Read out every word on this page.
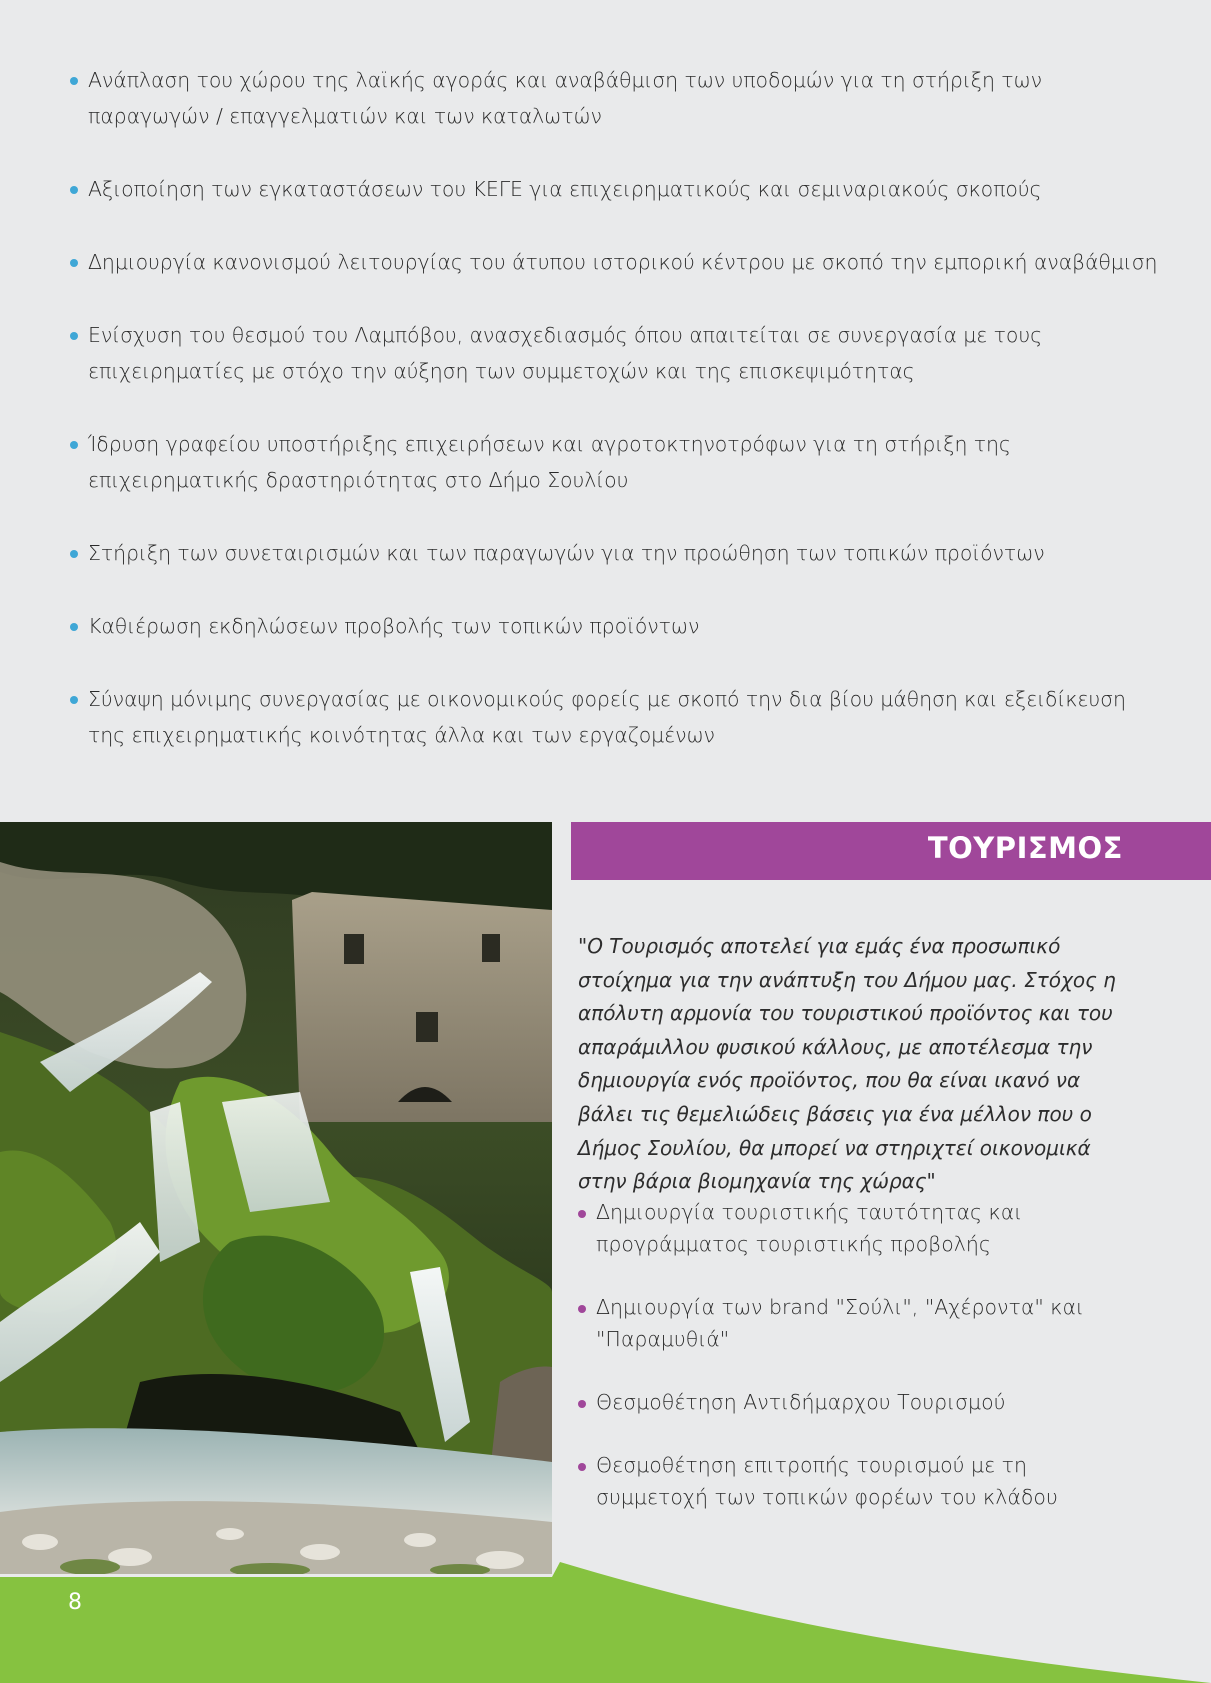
Ανάπλαση του χώρου της λαϊκής αγοράς και αναβάθμιση των υποδομών για τη στήριξη των παραγωγών / επαγγελματιών και των καταλωτών
Αξιοποίηση των εγκαταστάσεων του ΚΕΓΕ για επιχειρηματικούς και σεμιναριακούς σκοπούς
Δημιουργία κανονισμού λειτουργίας του άτυπου ιστορικού κέντρου με σκοπό την εμπορική αναβάθμιση
Ενίσχυση του θεσμού του Λαμπόβου, ανασχεδιασμός όπου απαιτείται σε συνεργασία με τους επιχειρηματίες με στόχο την αύξηση των συμμετοχών και της επισκεψιμότητας
Ίδρυση γραφείου υποστήριξης επιχειρήσεων και αγροτοκτηνοτρόφων για τη στήριξη της επιχειρηματικής δραστηριότητας στο Δήμο Σουλίου
Στήριξη των συνεταιρισμών και των παραγωγών για την προώθηση των τοπικών προϊόντων
Καθιέρωση εκδηλώσεων προβολής των τοπικών προϊόντων
Σύναψη μόνιμης συνεργασίας με οικονομικούς φορείς με σκοπό την δια βίου μάθηση και εξειδίκευση της επιχειρηματικής κοινότητας άλλα και των εργαζομένων
ΤΟΥΡΙΣΜΟΣ

"Ο Τουρισμός αποτελεί για εμάς ένα προσωπικό στοίχημα για την ανάπτυξη του Δήμου μας. Στόχος η απόλυτη αρμονία του τουριστικού προϊόντος και του απαράμιλλου φυσικού κάλλους, με αποτέλεσμα την δημιουργία ενός προϊόντος, που θα είναι ικανό να βάλει τις θεμελιώδεις βάσεις για ένα μέλλον που ο Δήμος Σουλίου, θα μπορεί να στηριχτεί οικονομικά στην βάρια βιομηχανία της χώρας"

Δημιουργία τουριστικής ταυτότητας και προγράμματος τουριστικής προβολής
Δημιουργία των brand "Σούλι", "Αχέροντα" και "Παραμυθιά"
Θεσμοθέτηση Αντιδήμαρχου Τουρισμού
Θεσμοθέτηση επιτροπής τουρισμού με τη συμμετοχή των τοπικών φορέων του κλάδου
8
